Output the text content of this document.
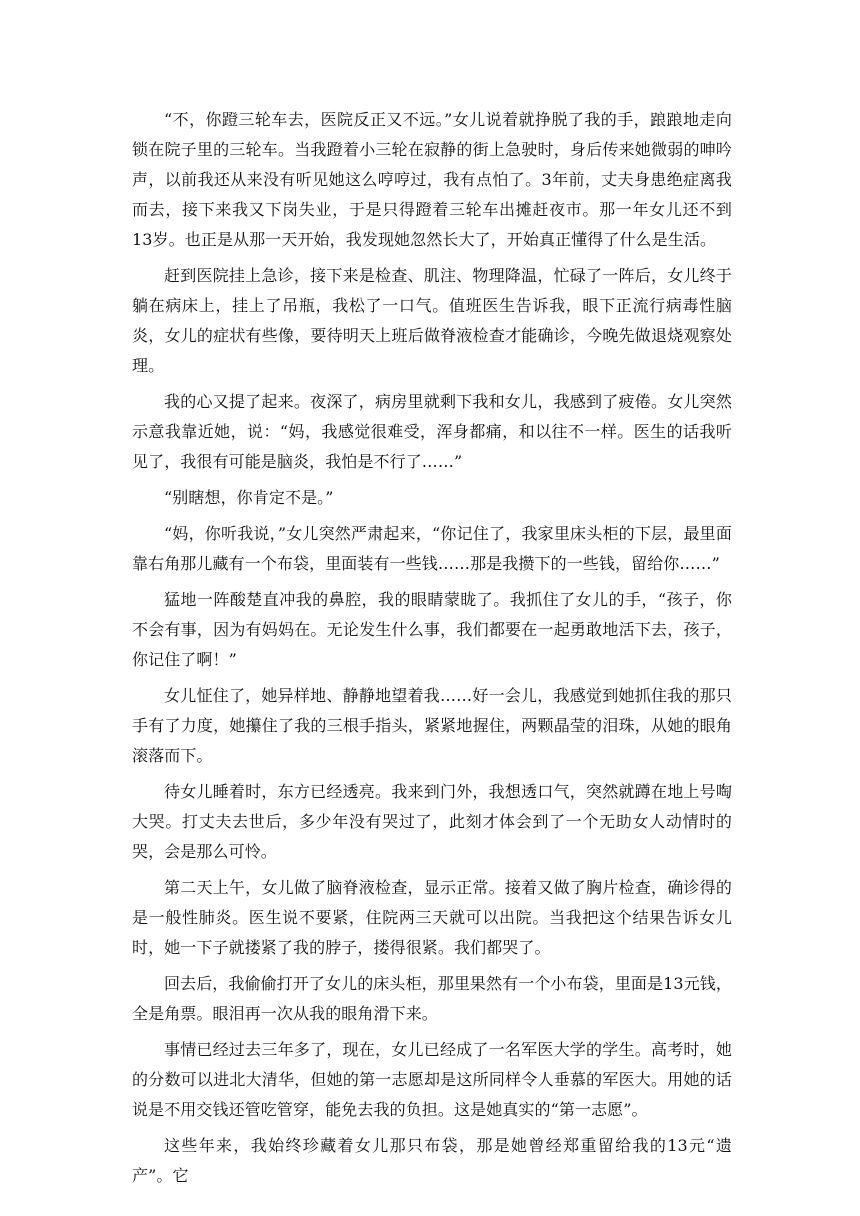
“不，你蹬三轮车去，医院反正又不远。”女儿说着就挣脱了我的手，踉踉地走向锁在院子里的三轮车。当我蹬着小三轮在寂静的街上急驶时，身后传来她微弱的呻吟声，以前我还从来没有听见她这么哼哼过，我有点怕了。3年前，丈夫身患绝症离我而去，接下来我又下岗失业，于是只得蹬着三轮车出摊赶夜市。那一年女儿还不到13岁。也正是从那一天开始，我发现她忽然长大了，开始真正懂得了什么是生活。

赶到医院挂上急诊，接下来是检查、肌注、物理降温，忙碌了一阵后，女儿终于躺在病床上，挂上了吊瓶，我松了一口气。值班医生告诉我，眼下正流行病毒性脑炎，女儿的症状有些像，要待明天上班后做脊液检查才能确诊，今晚先做退烧观察处理。

我的心又提了起来。夜深了，病房里就剩下我和女儿，我感到了疲倦。女儿突然示意我靠近她，说：“妈，我感觉很难受，浑身都痛，和以往不一样。医生的话我听见了，我很有可能是脑炎，我怕是不行了……”

“别瞎想，你肯定不是。”

“妈，你听我说，”女儿突然严肃起来，“你记住了，我家里床头柜的下层，最里面靠右角那儿藏有一个布袋，里面装有一些钱……那是我攒下的一些钱，留给你……”

猛地一阵酸楚直冲我的鼻腔，我的眼睛蒙眬了。我抓住了女儿的手，“孩子，你不会有事，因为有妈妈在。无论发生什么事，我们都要在一起勇敢地活下去，孩子，你记住了啊！”

女儿怔住了，她异样地、静静地望着我……好一会儿，我感觉到她抓住我的那只手有了力度，她攥住了我的三根手指头，紧紧地握住，两颗晶莹的泪珠，从她的眼角滚落而下。

待女儿睡着时，东方已经透亮。我来到门外，我想透口气，突然就蹲在地上号啕大哭。打丈夫去世后，多少年没有哭过了，此刻才体会到了一个无助女人动情时的哭，会是那么可怜。

第二天上午，女儿做了脑脊液检查，显示正常。接着又做了胸片检查，确诊得的是一般性肺炎。医生说不要紧，住院两三天就可以出院。当我把这个结果告诉女儿时，她一下子就搂紧了我的脖子，搂得很紧。我们都哭了。

回去后，我偷偷打开了女儿的床头柜，那里果然有一个小布袋，里面是13元钱，全是角票。眼泪再一次从我的眼角滑下来。

事情已经过去三年多了，现在，女儿已经成了一名军医大学的学生。高考时，她的分数可以进北大清华，但她的第一志愿却是这所同样令人垂慕的军医大。用她的话说是不用交钱还管吃管穿，能免去我的负担。这是她真实的“第一志愿”。

这些年来，我始终珍藏着女儿那只布袋，那是她曾经郑重留给我的13元“遗产”。它
